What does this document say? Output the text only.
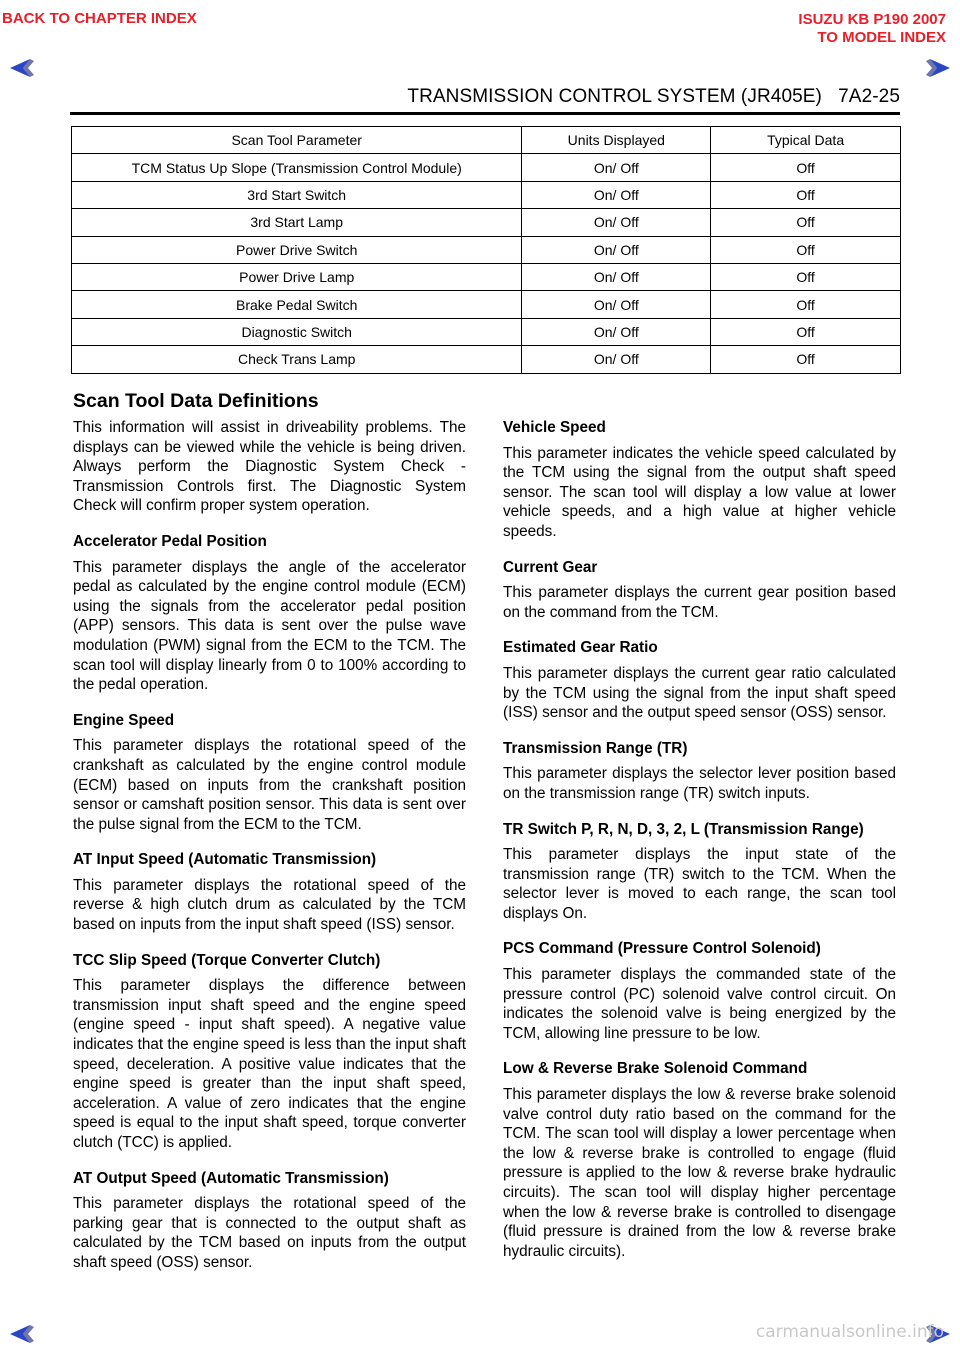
BACK TO CHAPTER INDEX	ISUZU KB P190 2007
TO MODEL INDEX
TRANSMISSION CONTROL SYSTEM (JR405E) 7A2-25
Scan Tool Parameter	Units Displayed	Typical Data
TCM Status Up Slope (Transmission Control Module)	On/ Off	Off
3rd Start Switch	On/ Off	Off
3rd Start Lamp	On/ Off	Off
Power Drive Switch	On/ Off	Off
Power Drive Lamp	On/ Off	Off
Brake Pedal Switch	On/ Off	Off
Diagnostic Switch	On/ Off	Off
Check Trans Lamp	On/ Off	Off
Scan Tool Data Definitions

This information will assist in driveability problems. The displays can be viewed while the vehicle is being driven. Always perform the Diagnostic System Check - Transmission Controls first. The Diagnostic System Check will confirm proper system operation.

Accelerator Pedal Position

This parameter displays the angle of the accelerator pedal as calculated by the engine control module (ECM) using the signals from the accelerator pedal position (APP) sensors. This data is sent over the pulse wave modulation (PWM) signal from the ECM to the TCM. The scan tool will display linearly from 0 to 100% according to the pedal operation.

Engine Speed

This parameter displays the rotational speed of the crankshaft as calculated by the engine control module (ECM) based on inputs from the crankshaft position sensor or camshaft position sensor. This data is sent over the pulse signal from the ECM to the TCM.

AT Input Speed (Automatic Transmission)

This parameter displays the rotational speed of the reverse & high clutch drum as calculated by the TCM based on inputs from the input shaft speed (ISS) sensor.

TCC Slip Speed (Torque Converter Clutch)

This parameter displays the difference between transmission input shaft speed and the engine speed (engine speed - input shaft speed). A negative value indicates that the engine speed is less than the input shaft speed, deceleration. A positive value indicates that the engine speed is greater than the input shaft speed, acceleration. A value of zero indicates that the engine speed is equal to the input shaft speed, torque converter clutch (TCC) is applied.

AT Output Speed (Automatic Transmission)

This parameter displays the rotational speed of the parking gear that is connected to the output shaft as calculated by the TCM based on inputs from the output shaft speed (OSS) sensor.

Vehicle Speed

This parameter indicates the vehicle speed calculated by the TCM using the signal from the output shaft speed sensor. The scan tool will display a low value at lower vehicle speeds, and a high value at higher vehicle speeds.

Current Gear

This parameter displays the current gear position based on the command from the TCM.

Estimated Gear Ratio

This parameter displays the current gear ratio calculated by the TCM using the signal from the input shaft speed (ISS) sensor and the output speed sensor (OSS) sensor.

Transmission Range (TR)

This parameter displays the selector lever position based on the transmission range (TR) switch inputs.

TR Switch P, R, N, D, 3, 2, L (Transmission Range)

This parameter displays the input state of the transmission range (TR) switch to the TCM. When the selector lever is moved to each range, the scan tool displays On.

PCS Command (Pressure Control Solenoid)

This parameter displays the commanded state of the pressure control (PC) solenoid valve control circuit. On indicates the solenoid valve is being energized by the TCM, allowing line pressure to be low.

Low & Reverse Brake Solenoid Command

This parameter displays the low & reverse brake solenoid valve control duty ratio based on the command for the TCM. The scan tool will display a lower percentage when the low & reverse brake is controlled to engage (fluid pressure is applied to the low & reverse brake hydraulic circuits). The scan tool will display higher percentage when the low & reverse brake is controlled to disengage (fluid pressure is drained from the low & reverse brake hydraulic circuits).

carmanualsonline.info
